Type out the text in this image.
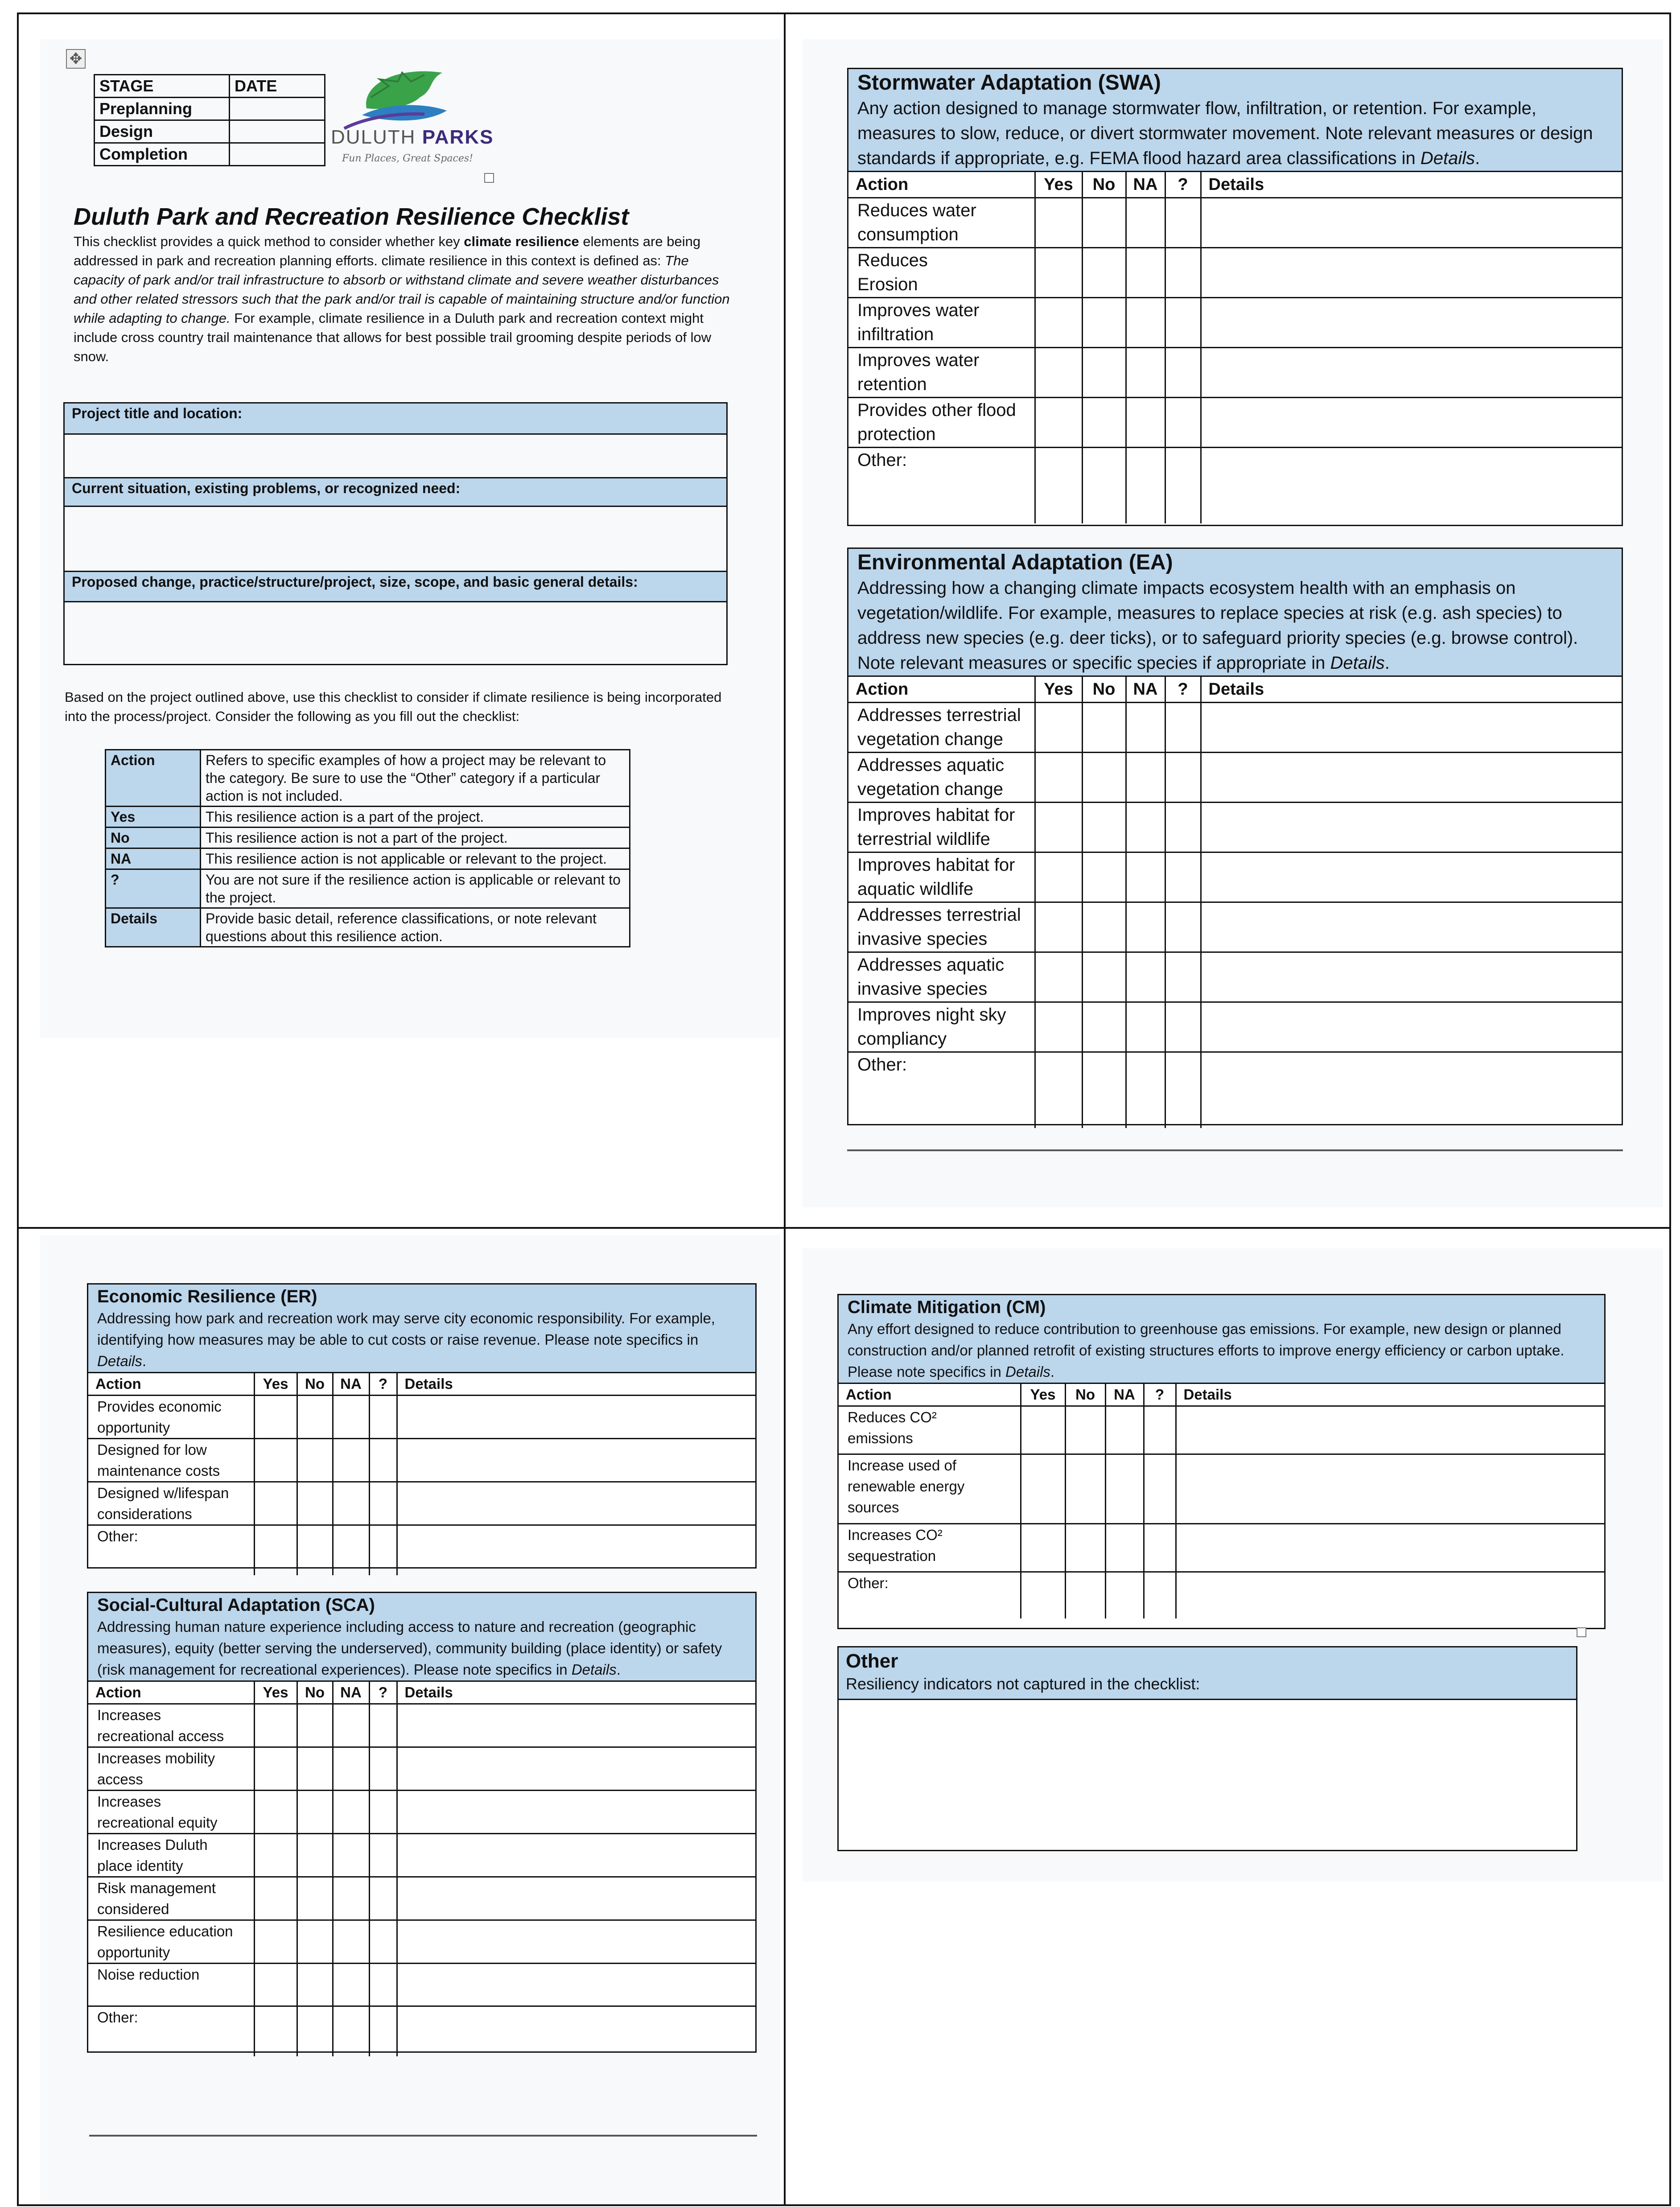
✥
STAGE	DATE
Preplanning	
Design	
Completion	
DULUTH PARKS
Fun Places, Great Spaces!
Duluth Park and Recreation Resilience Checklist
This checklist provides a quick method to consider whether key climate resilience elements are being addressed in park and recreation planning efforts. climate resilience in this context is defined as: The capacity of park and/or trail infrastructure to absorb or withstand climate and severe weather disturbances and other related stressors such that the park and/or trail is capable of maintaining structure and/or function while adapting to change. For example, climate resilience in a Duluth park and recreation context might include cross country trail maintenance that allows for best possible trail grooming despite periods of low snow.
Project title and location:
Current situation, existing problems, or recognized need:
Proposed change, practice/structure/project, size, scope, and basic general details:
Based on the project outlined above, use this checklist to consider if climate resilience is being incorporated into the process/project. Consider the following as you fill out the checklist:
Action	Refers to specific examples of how a project may be relevant to the category. Be sure to use the “Other” category if a particular action is not included.
Yes	This resilience action is a part of the project.
No	This resilience action is not a part of the project.
NA	This resilience action is not applicable or relevant to the project.
?	You are not sure if the resilience action is applicable or relevant to the project.
Details	Provide basic detail, reference classifications, or note relevant questions about this resilience action.
Stormwater Adaptation (SWA)
Any action designed to manage stormwater flow, infiltration, or retention. For example, measures to slow, reduce, or divert stormwater movement. Note relevant measures or design standards if appropriate, e.g. FEMA flood hazard area classifications in Details.
Action	Yes	No	NA	?	Details

Reduces water
consumption					

Reduces
Erosion					

Improves water
infiltration					

Improves water
retention					

Provides other flood
protection					

Other:					

Environmental Adaptation (EA)
Addressing how a changing climate impacts ecosystem health with an emphasis on vegetation/wildlife. For example, measures to replace species at risk (e.g. ash species) to address new species (e.g. deer ticks), or to safeguard priority species (e.g. browse control). Note relevant measures or specific species if appropriate in Details.
Action	Yes	No	NA	?	Details

Addresses terrestrial
vegetation change					

Addresses aquatic
vegetation change					

Improves habitat for
terrestrial wildlife					

Improves habitat for
aquatic wildlife					

Addresses terrestrial
invasive species					

Addresses aquatic
invasive species					

Improves night sky
compliancy					

Other:					

Economic Resilience (ER)
Addressing how park and recreation work may serve city economic responsibility. For example, identifying how measures may be able to cut costs or raise revenue. Please note specifics in Details.
Action	Yes	No	NA	?	Details

Provides economic
opportunity					

Designed for low
maintenance costs					

Designed w/lifespan
considerations					

Other:					

Social-Cultural Adaptation (SCA)
Addressing human nature experience including access to nature and recreation (geographic measures), equity (better serving the underserved), community building (place identity) or safety (risk management for recreational experiences). Please note specifics in Details.
Action	Yes	No	NA	?	Details

Increases
recreational access					

Increases mobility
access					

Increases
recreational equity					

Increases Duluth
place identity					

Risk management
considered					

Resilience education
opportunity					

Noise reduction					

Other:					

Climate Mitigation (CM)
Any effort designed to reduce contribution to greenhouse gas emissions. For example, new design or planned construction and/or planned retrofit of existing structures efforts to improve energy efficiency or carbon uptake. Please note specifics in Details.
Action	Yes	No	NA	?	Details

Reduces CO²
emissions					

Increase used of
renewable energy
sources					

Increases CO²
sequestration					

Other:					

Other
Resiliency indicators not captured in the checklist:
